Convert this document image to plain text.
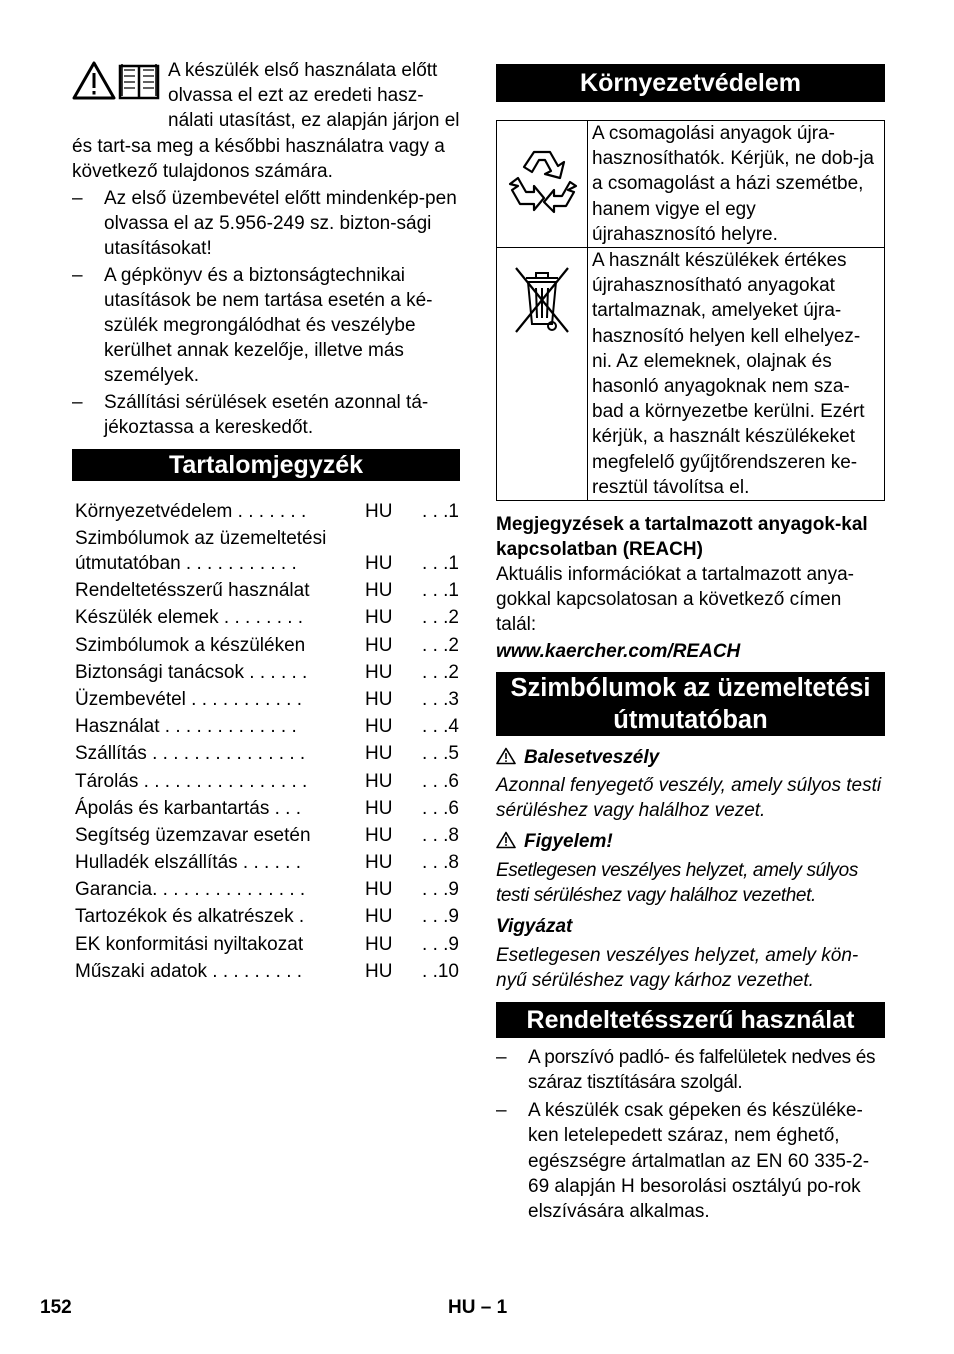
A készülék első használata előtt olvassa el ezt az eredeti hasz-nálati utasítást, ez alapján járjon el és tart-sa meg a későbbi használatra vagy a következő tulajdonos számára.

– Az első üzembevétel előtt mindenkép-pen olvassa el az 5.956-249 sz. bizton-sági utasításokat!
– A gépkönyv és a biztonságtechnikai utasítások be nem tartása esetén a ké-szülék megrongálódhat és veszélybe kerülhet annak kezelője, illetve más személyek.
– Szállítási sérülések esetén azonnal tá-jékoztassa a kereskedőt.
Tartalomjegyzék
Környezetvédelem . . . . . . .	HU	. . .1
Szimbólumok az üzemeltetési útmutatóban . . . . . . . . . . .	HU	. . .1
Rendeltetésszerű használat	HU	. . .1
Készülék elemek . . . . . . . .	HU	. . .2
Szimbólumok a készüléken	HU	. . .2
Biztonsági tanácsok . . . . . .	HU	. . .2
Üzembevétel . . . . . . . . . . .	HU	. . .3
Használat . . . . . . . . . . . . .	HU	. . .4
Szállítás . . . . . . . . . . . . . . .	HU	. . .5
Tárolás . . . . . . . . . . . . . . . .	HU	. . .6
Ápolás és karbantartás . . .	HU	. . .6
Segítség üzemzavar esetén	HU	. . .8
Hulladék elszállítás . . . . . .	HU	. . .8
Garancia. . . . . . . . . . . . . . .	HU	. . .9
Tartozékok és alkatrészek .	HU	. . .9
EK konformitási nyiltakozat	HU	. . .9
Műszaki adatok . . . . . . . . .	HU	. .10
Környezetvédelem
	A csomagolási anyagok újra-hasznosíthatók. Kérjük, ne dob-ja a csomagolást a házi szemétbe, hanem vigye el egy újrahasznosító helyre.
	A használt készülékek értékes újrahasznosítható anyagokat tartalmaznak, amelyeket újra-hasznosító helyen kell elhelyez-ni. Az elemeknek, olajnak és hasonló anyagoknak nem sza-bad a környezetbe kerülni. Ezért kérjük, a használt készülékeket megfelelő gyűjtőrendszeren ke-resztül távolítsa el.

Megjegyzések a tartalmazott anyagok-kal kapcsolatban (REACH)

Aktuális információkat a tartalmazott anya-gokkal kapcsolatosan a következő címen talál:

www.kaercher.com/REACH

Szimbólumok az üzemeltetési útmutatóban

Balesetveszély

Azonnal fenyegető veszély, amely súlyos testi sérüléshez vagy halálhoz vezet.

Figyelem!

Esetlegesen veszélyes helyzet, amely súlyos testi sérüléshez vagy halálhoz vezethet.

Vigyázat

Esetlegesen veszélyes helyzet, amely kön-nyű sérüléshez vagy kárhoz vezethet.

Rendeltetésszerű használat
– A porszívó padló- és falfelületek nedves és száraz tisztítására szolgál.
– A készülék csak gépeken és készüléke-ken letelepedett száraz, nem éghető, egészségre ártalmatlan az EN 60 335-2-69 alapján H besorolási osztályú po-rok elszívására alkalmas.
152	HU – 1
